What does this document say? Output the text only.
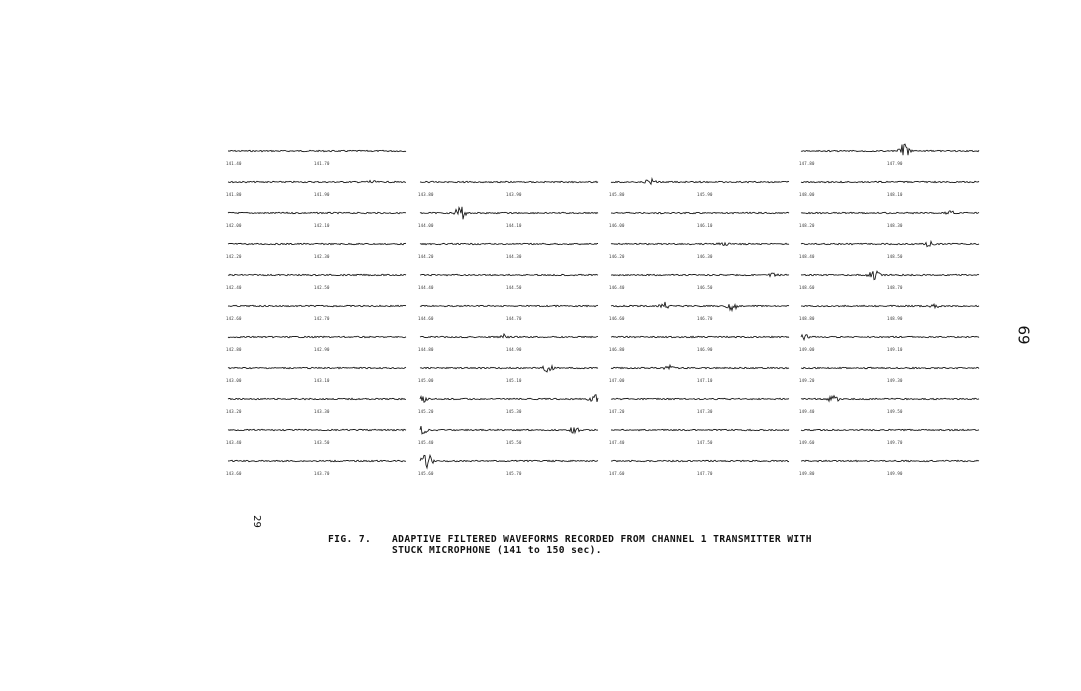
141.40	141.70
141.80	141.90
142.00	142.10
142.20	142.30
142.40	142.50
142.60	142.70
142.80	142.90
143.00	143.10
143.20	143.30
143.40	143.50
143.60	143.70
143.80	143.90
144.00	144.10
144.20	144.30
144.40	144.50
144.60	144.70
144.80	144.90
145.00	145.10
145.20	145.30
145.40	145.50
145.60	145.70
145.80	145.90
146.00	146.10
146.20	146.30
146.40	146.50
146.60	146.70
146.80	146.90
147.00	147.10
147.20	147.30
147.40	147.50
147.60	147.70
147.80	147.90
148.00	148.10
148.20	148.30
148.40	148.50
148.60	148.70
148.80	148.90
149.00	149.10
149.20	149.30
149.40	149.50
149.60	149.70
149.80	149.90
69
29
FIG. 7. ADAPTIVE FILTERED WAVEFORMS RECORDED FROM CHANNEL 1 TRANSMITTER WITH
STUCK MICROPHONE (141 to 150 sec).
